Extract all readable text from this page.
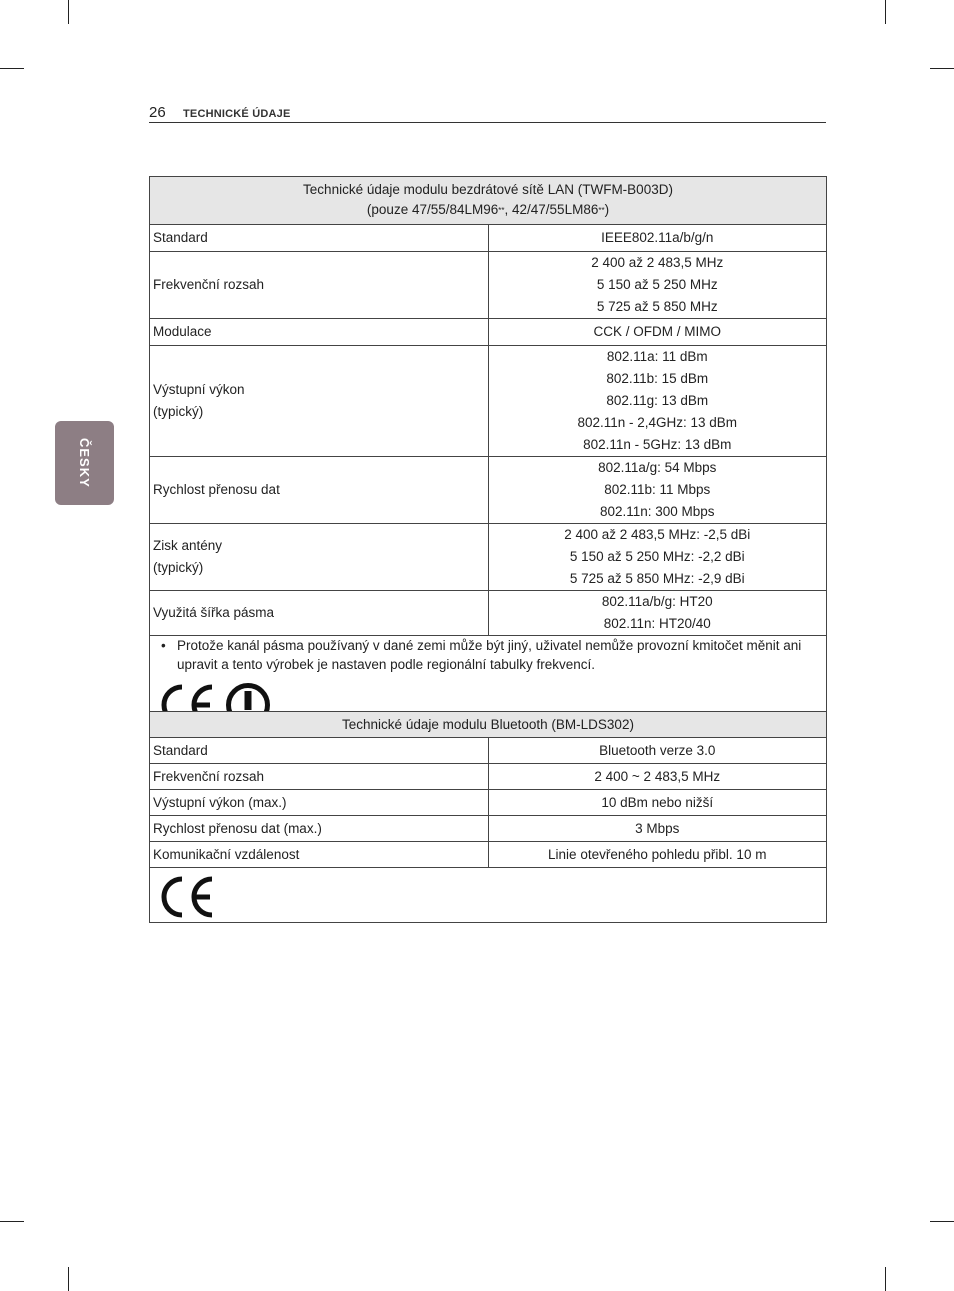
26 TECHNICKÉ ÚDAJE
ČESKY
Technické údaje modulu bezdrátové sítě LAN (TWFM-B003D)
(pouze 47/55/84LM96**, 42/47/55LM86**)	

Standard	IEEE802.11a/b/g/n

Frekvenční rozsah	2 400 až 2 483,5 MHz
5 150 až 5 250 MHz
5 725 až 5 850 MHz

Modulace	CCK / OFDM / MIMO

Výstupní výkon
(typický)	802.11a: 11 dBm
802.11b: 15 dBm
802.11g: 13 dBm
802.11n - 2,4GHz: 13 dBm
802.11n - 5GHz: 13 dBm

Rychlost přenosu dat	802.11a/g: 54 Mbps
802.11b: 11 Mbps
802.11n: 300 Mbps

Zisk antény
(typický)	2 400 až 2 483,5 MHz: -2,5 dBi
5 150 až 5 250 MHz: -2,2 dBi
5 725 až 5 850 MHz: -2,9 dBi

Využitá šířka pásma	802.11a/b/g: HT20
802.11n: HT20/40

• Protože kanál pásma používaný v dané zemi může být jiný, uživatel nemůže provozní kmitočet měnit ani upravit a tento výrobek je nastaven podle regionální tabulky frekvencí.	
Technické údaje modulu Bluetooth (BM-LDS302)	
Standard	Bluetooth verze 3.0
Frekvenční rozsah	2 400 ~ 2 483,5 MHz
Výstupní výkon (max.)	10 dBm nebo nižší
Rychlost přenosu dat (max.)	3 Mbps
Komunikační vzdálenost	Linie otevřeného pohledu přibl. 10 m
